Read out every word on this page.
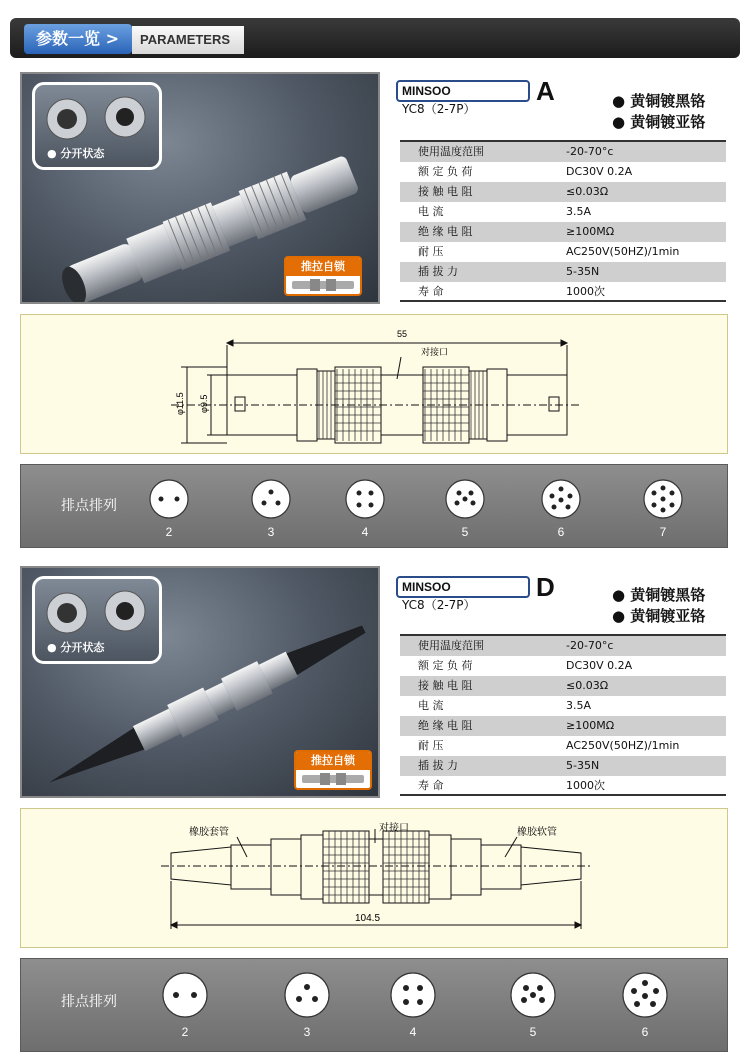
参数一览 >	PARAMETERS
● 分开状态
推拉自锁
MINSOO YC8（2-7P）
A	● 黄铜镀黑铬
● 黄铜镀亚铬
使用温度范围	-20-70°c
额 定 负 荷	DC30V 0.2A
接 触 电 阻	≤0.03Ω
电 流	3.5A
绝 缘 电 阻	≥100MΩ
耐 压	AC250V(50HZ)/1min
插 拔 力	5-35N
寿 命	1000次
55
对接口
φ11.5 φ9.5
排点排列
2	3	4	5	6	7
● 分开状态
推拉自锁
MINSOO YC8（2-7P）
D	● 黄铜镀黑铬
● 黄铜镀亚铬
使用温度范围	-20-70°c
额 定 负 荷	DC30V 0.2A
接 触 电 阻	≤0.03Ω
电 流	3.5A
绝 缘 电 阻	≥100MΩ
耐 压	AC250V(50HZ)/1min
插 拔 力	5-35N
寿 命	1000次
橡胶套管	对接口	橡胶软管
104.5
排点排列
2	3	4	5	6
